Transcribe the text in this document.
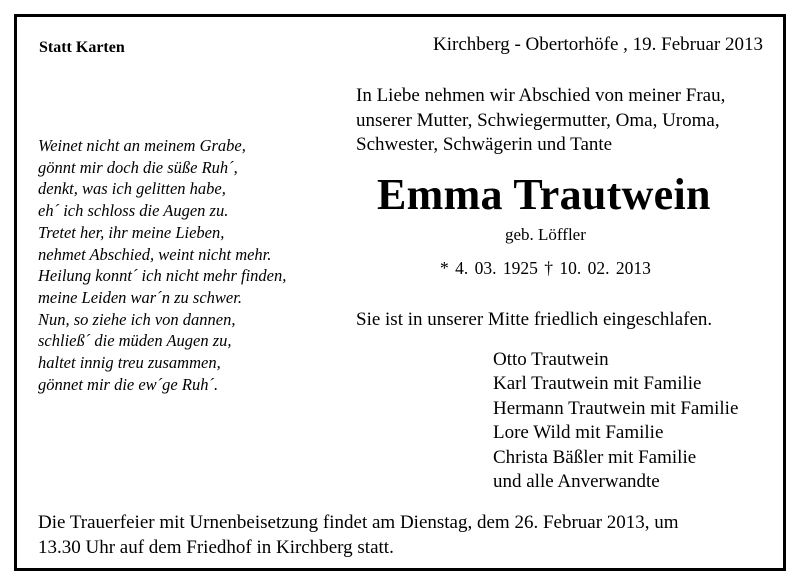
Statt Karten	Kirchberg - Obertorhöfe , 19. Februar 2013
In Liebe nehmen wir Abschied von meiner Frau,
unserer Mutter, Schwiegermutter, Oma, Uroma,
Schwester, Schwägerin und Tante
Weinet nicht an meinem Grabe,
gönnt mir doch die süße Ruh´,
denkt, was ich gelitten habe,
eh´ ich schloss die Augen zu.
Tretet her, ihr meine Lieben,
nehmet Abschied, weint nicht mehr.
Heilung konnt´ ich nicht mehr finden,
meine Leiden war´n zu schwer.
Nun, so ziehe ich von dannen,
schließ´ die müden Augen zu,
haltet innig treu zusammen,
gönnet mir die ew´ge Ruh´.
Emma Trautwein
geb. Löffler
* 4. 03. 1925 † 10. 02. 2013
Sie ist in unserer Mitte friedlich eingeschlafen.
Otto Trautwein
Karl Trautwein mit Familie
Hermann Trautwein mit Familie
Lore Wild mit Familie
Christa Bäßler mit Familie
und alle Anverwandte
Die Trauerfeier mit Urnenbeisetzung findet am Dienstag, dem 26. Februar 2013, um
13.30 Uhr auf dem Friedhof in Kirchberg statt.
